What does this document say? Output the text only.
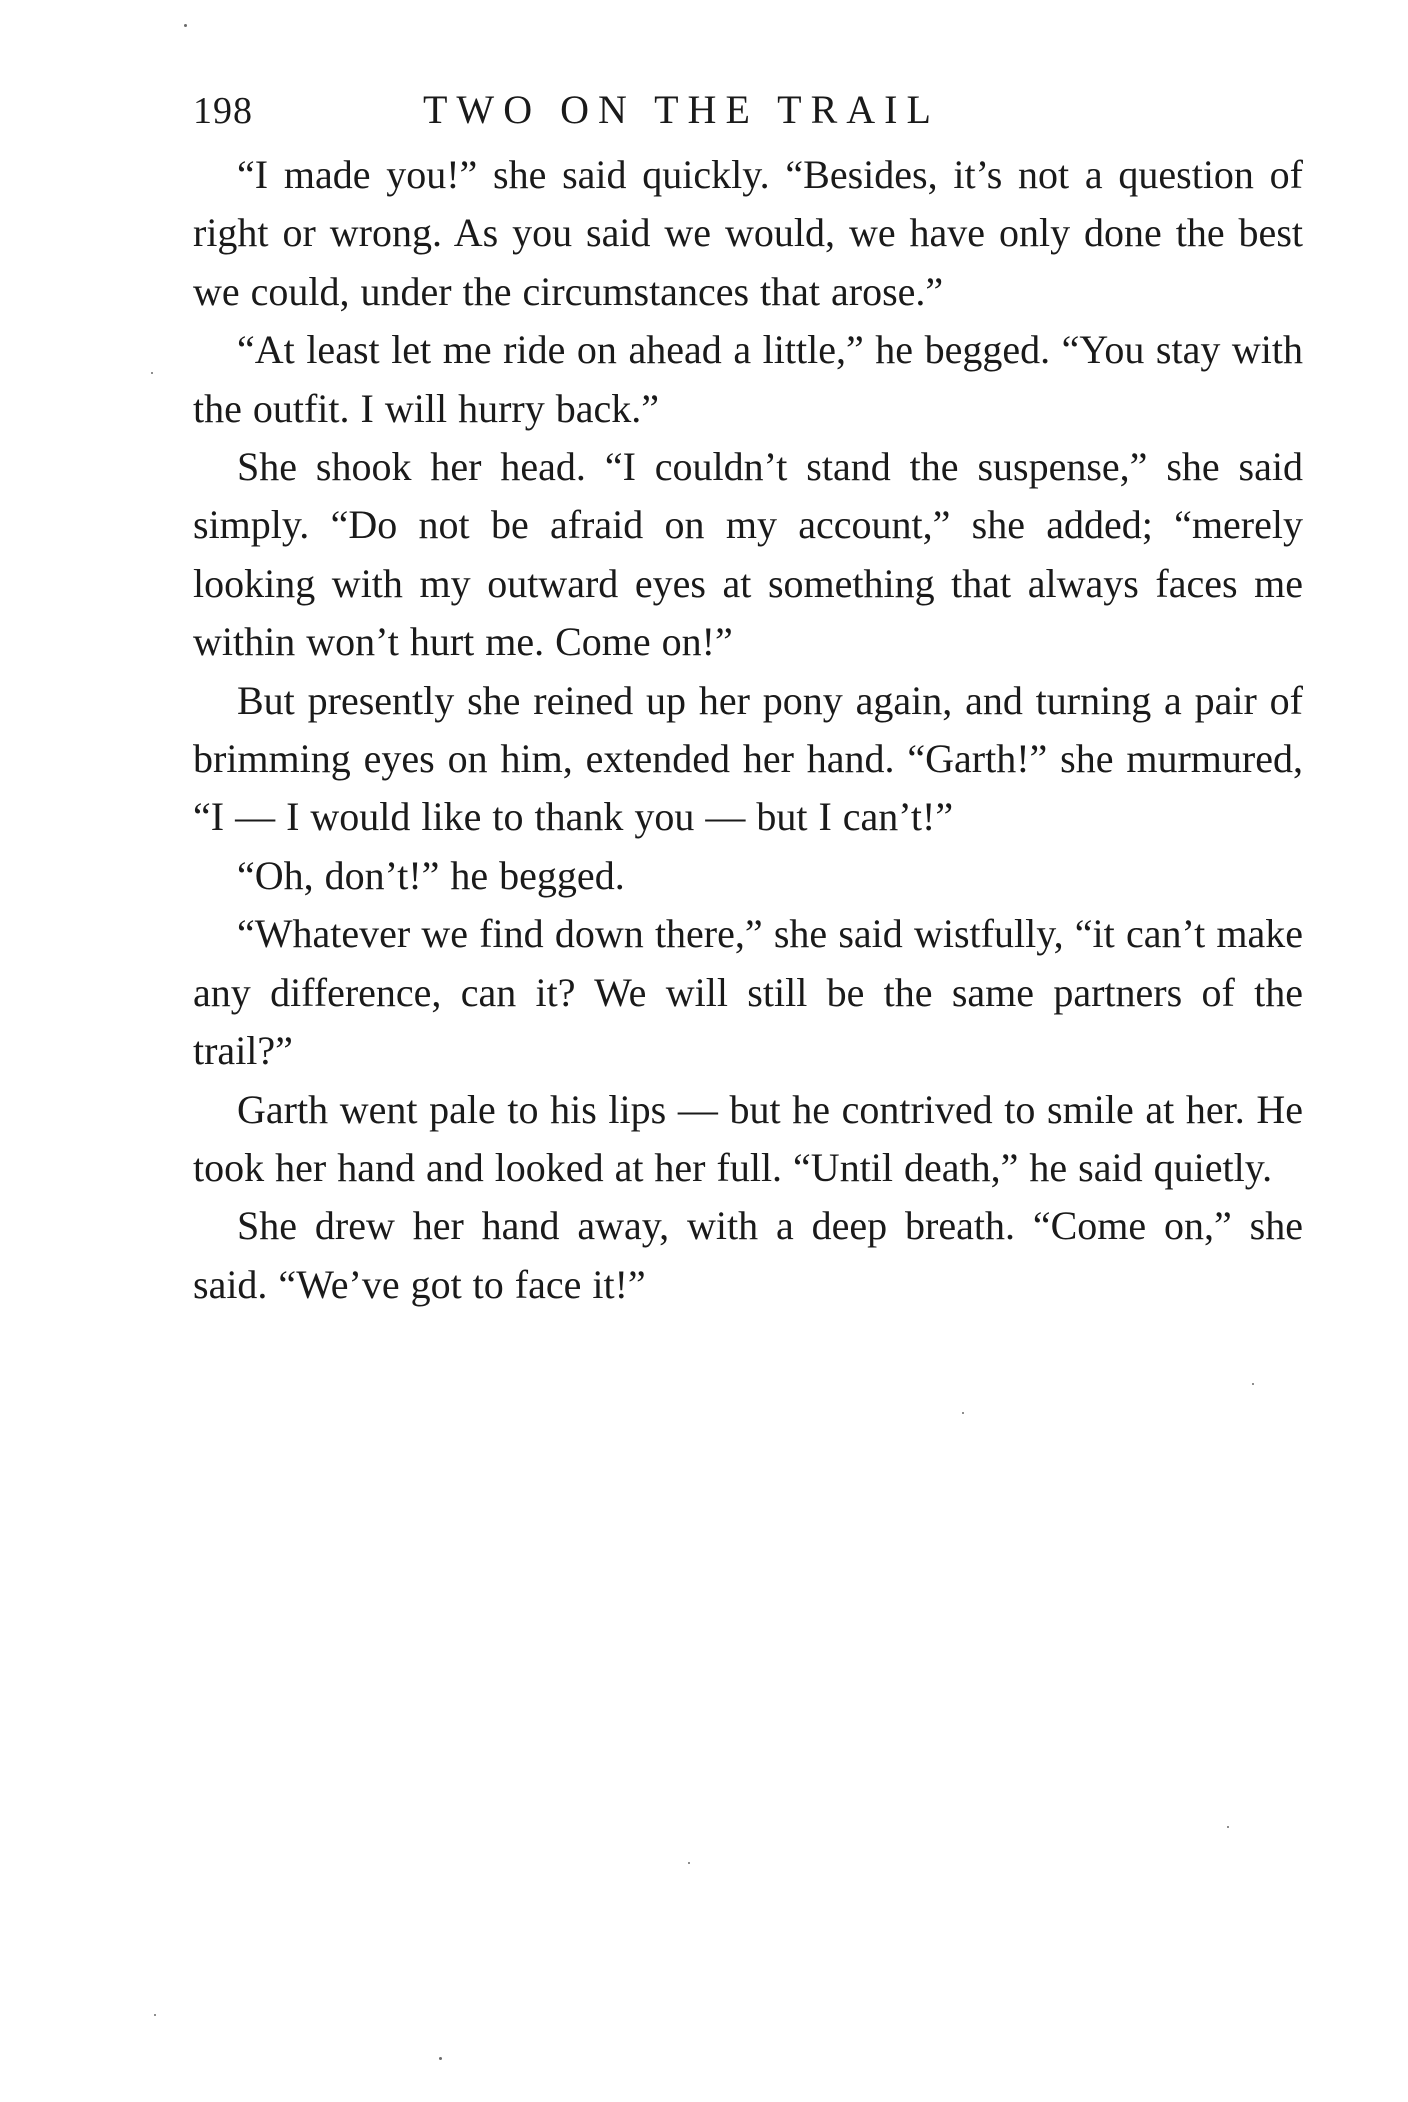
198	TWO ON THE TRAIL

“I made you!” she said quickly. “Besides, it’s not a question of right or wrong. As you said we would, we have only done the best we could, under the circumstances that arose.”

“At least let me ride on ahead a little,” he begged. “You stay with the outfit. I will hurry back.”

She shook her head. “I couldn’t stand the suspense,” she said simply. “Do not be afraid on my account,” she added; “merely looking with my outward eyes at something that always faces me within won’t hurt me. Come on!”

But presently she reined up her pony again, and turning a pair of brimming eyes on him, extended her hand. “Garth!” she murmured, “I — I would like to thank you — but I can’t!”

“Oh, don’t!” he begged.

“Whatever we find down there,” she said wistfully, “it can’t make any difference, can it? We will still be the same partners of the trail?”

Garth went pale to his lips — but he contrived to smile at her. He took her hand and looked at her full. “Until death,” he said quietly.

She drew her hand away, with a deep breath. “Come on,” she said. “We’ve got to face it!”
